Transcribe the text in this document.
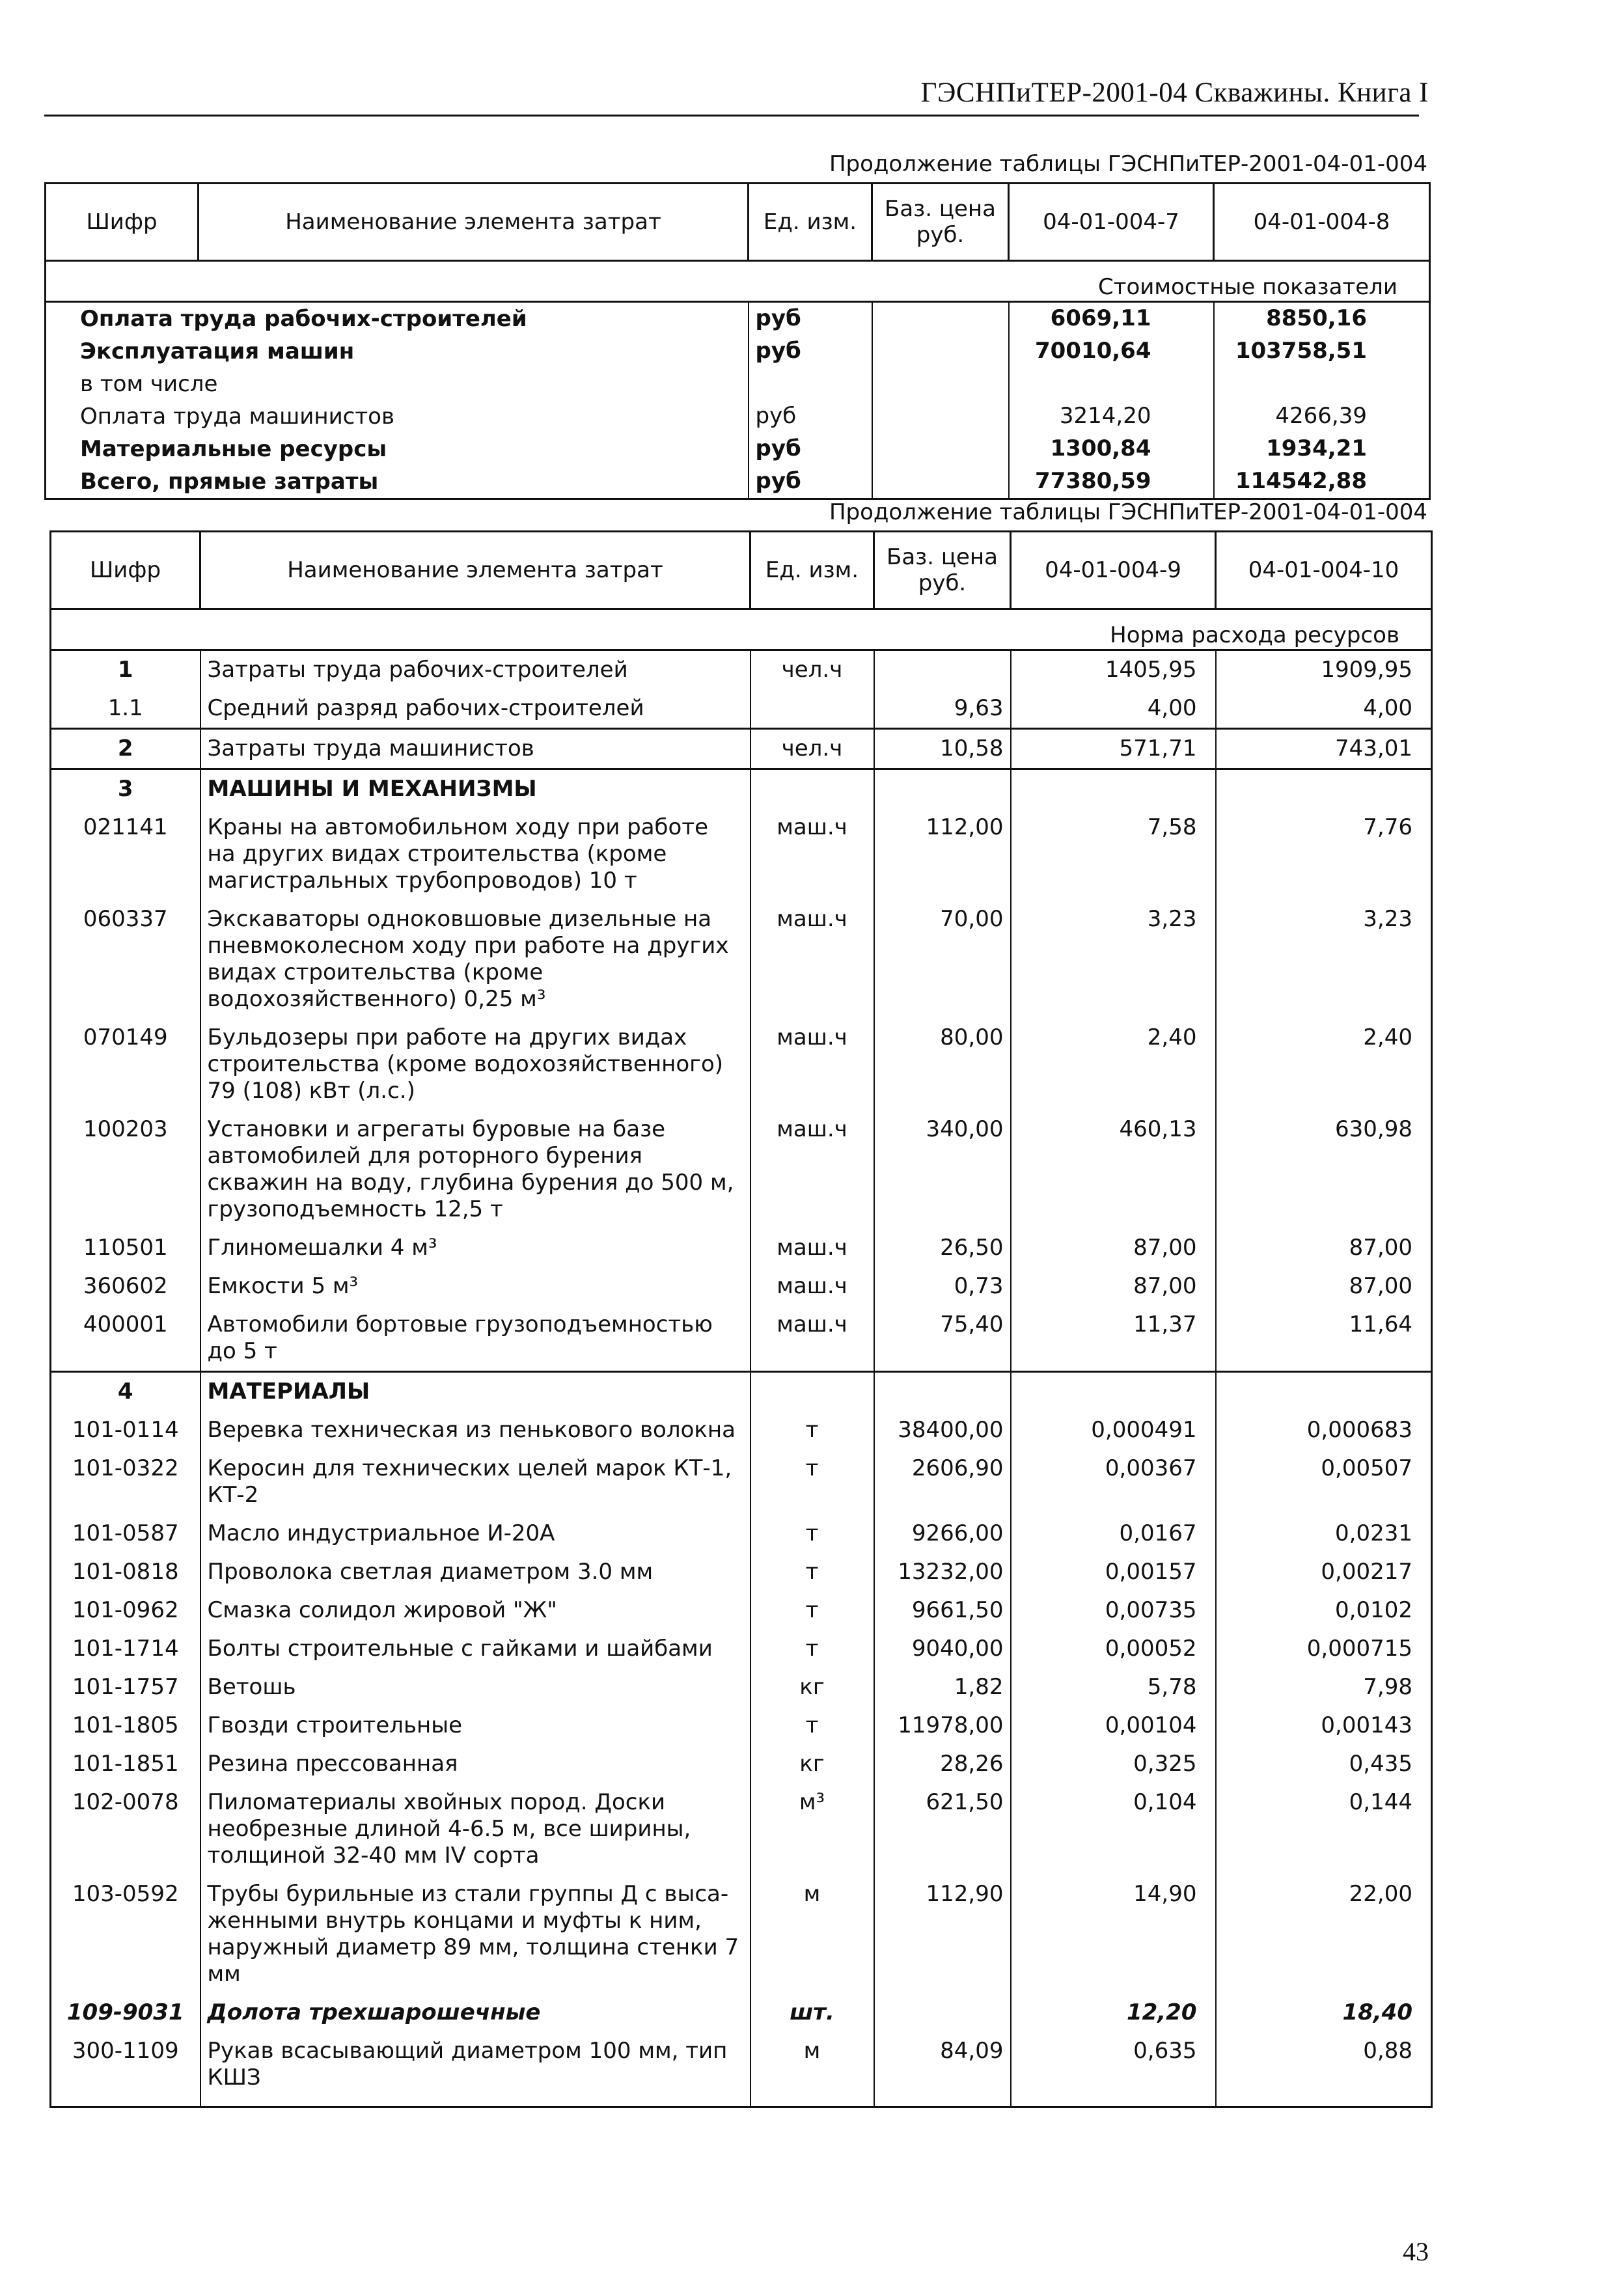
ГЭСНПиТЕР-2001-04 Скважины. Книга I
Продолжение таблицы ГЭСНПиТЕР-2001-04-01-004
Шифр	Наименование элемента затрат	Ед. изм.	Баз. цена руб.	04-01-004-7	04-01-004-8
Стоимостные показатели					
Оплата труда рабочих-строителей		руб		6069,11	8850,16
Эксплуатация машин		руб		70010,64	103758,51
в том числе					
Оплата труда машинистов		руб		3214,20	4266,39
Материальные ресурсы		руб		1300,84	1934,21
Всего, прямые затраты		руб		77380,59	114542,88
Продолжение таблицы ГЭСНПиТЕР-2001-04-01-004
Шифр	Наименование элемента затрат	Ед. изм.	Баз. цена руб.	04-01-004-9	04-01-004-10
Норма расхода ресурсов					
1	Затраты труда рабочих-строителей	чел.ч		1405,95	1909,95
1.1	Средний разряд рабочих-строителей		9,63	4,00	4,00
2	Затраты труда машинистов	чел.ч	10,58	571,71	743,01
3	МАШИНЫ И МЕХАНИЗМЫ				
021141	Краны на автомобильном ходу при работе на других видах строительства (кроме магистральных трубопроводов) 10 т	маш.ч	112,00	7,58	7,76
060337	Экскаваторы одноковшовые дизельные на пневмоколесном ходу при работе на других видах строительства (кроме водохозяйственного) 0,25 м³	маш.ч	70,00	3,23	3,23
070149	Бульдозеры при работе на других видах строительства (кроме водохозяйственного) 79 (108) кВт (л.с.)	маш.ч	80,00	2,40	2,40
100203	Установки и агрегаты буровые на базе автомобилей для роторного бурения скважин на воду, глубина бурения до 500 м, грузоподъемность 12,5 т	маш.ч	340,00	460,13	630,98
110501	Глиномешалки 4 м³	маш.ч	26,50	87,00	87,00
360602	Емкости 5 м³	маш.ч	0,73	87,00	87,00
400001	Автомобили бортовые грузоподъемностью до 5 т	маш.ч	75,40	11,37	11,64
4	МАТЕРИАЛЫ				
101-0114	Веревка техническая из пенькового волокна	т	38400,00	0,000491	0,000683
101-0322	Керосин для технических целей марок КТ-1, КТ-2	т	2606,90	0,00367	0,00507
101-0587	Масло индустриальное И-20А	т	9266,00	0,0167	0,0231
101-0818	Проволока светлая диаметром 3.0 мм	т	13232,00	0,00157	0,00217
101-0962	Смазка солидол жировой "Ж"	т	9661,50	0,00735	0,0102
101-1714	Болты строительные с гайками и шайбами	т	9040,00	0,00052	0,000715
101-1757	Ветошь	кг	1,82	5,78	7,98
101-1805	Гвозди строительные	т	11978,00	0,00104	0,00143
101-1851	Резина прессованная	кг	28,26	0,325	0,435
102-0078	Пиломатериалы хвойных пород. Доски необрезные длиной 4-6.5 м, все ширины, толщиной 32-40 мм IV сорта	м³	621,50	0,104	0,144
103-0592	Трубы бурильные из стали группы Д с выса-женными внутрь концами и муфты к ним, наружный диаметр 89 мм, толщина стенки 7 мм	м	112,90	14,90	22,00
109-9031	Долота трехшарошечные	шт.		12,20	18,40
300-1109	Рукав всасывающий диаметром 100 мм, тип КШЗ	м	84,09	0,635	0,88

43
